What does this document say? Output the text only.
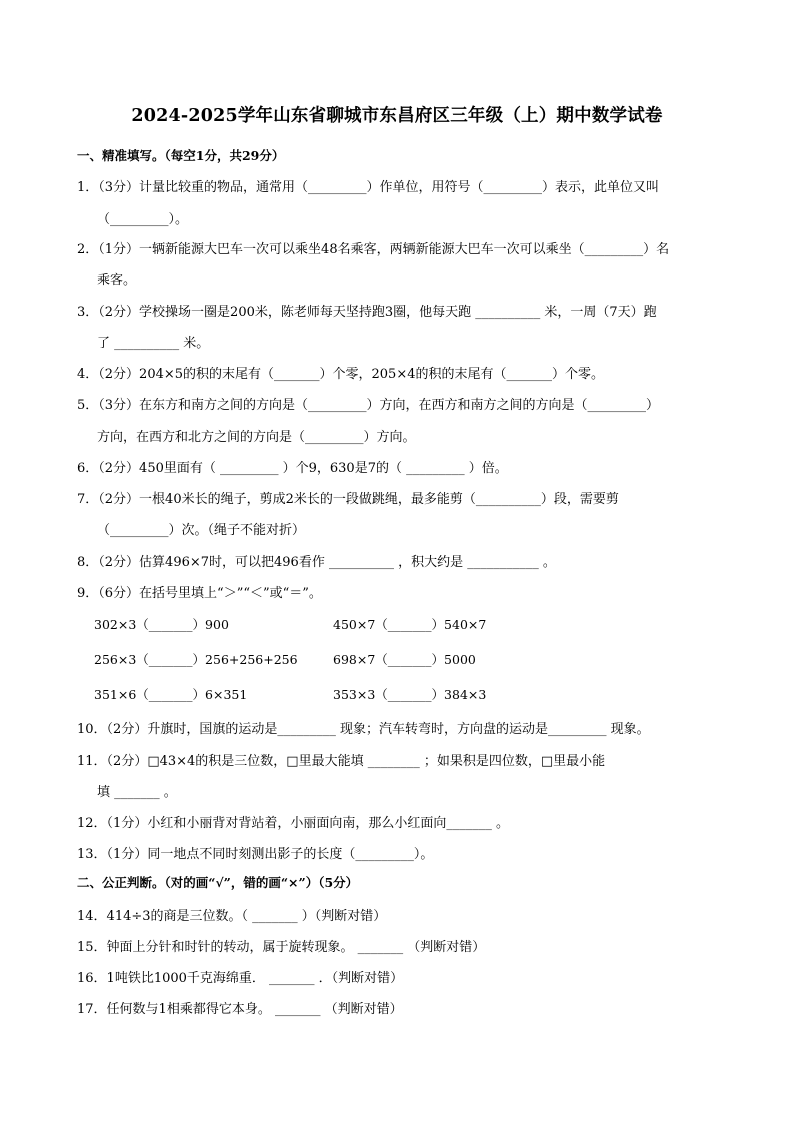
2024-2025学年山东省聊城市东昌府区三年级（上）期中数学试卷
一、精准填写。（每空1分，共29分）
1．（3分）计量比较重的物品，通常用（_________）作单位，用符号（_________）表示，此单位又叫
（_________）。
2．（1分）一辆新能源大巴车一次可以乘坐48名乘客，两辆新能源大巴车一次可以乘坐（_________）名
乘客。
3．（2分）学校操场一圈是200米，陈老师每天坚持跑3圈，他每天跑 __________ 米，一周（7天）跑
了 __________ 米。
4．（2分）204×5的积的末尾有（_______）个零，205×4的积的末尾有（_______）个零。
5．（3分）在东方和南方之间的方向是（_________）方向，在西方和南方之间的方向是（_________）
方向，在西方和北方之间的方向是（_________）方向。
6．（2分）450里面有（ _________ ）个9，630是7的（ _________ ）倍。
7．（2分）一根40米长的绳子，剪成2米长的一段做跳绳，最多能剪（__________）段，需要剪
（_________）次。（绳子不能对折）
8．（2分）估算496×7时，可以把496看作 __________ ，积大约是 ___________ 。
9．（6分）在括号里填上“＞”“＜”或“＝”。
302×3（_______）900	450×7（_______）540×7
256×3（_______）256+256+256	698×7（_______）5000
351×6（_______）6×351	353×3（_______）384×3
10．（2分）升旗时，国旗的运动是_________ 现象；汽车转弯时，方向盘的运动是_________ 现象。
11．（2分）□43×4的积是三位数，□里最大能填 ________ ；如果积是四位数，□里最小能
填 _______ 。
12．（1分）小红和小丽背对背站着，小丽面向南，那么小红面向_______ 。
13．（1分）同一地点不同时刻测出影子的长度（_________）。
二、公正判断。（对的画“√”，错的画“×”）（5分）
14．414÷3的商是三位数。（ _______ ）（判断对错）
15．钟面上分针和时针的转动，属于旋转现象。 _______ （判断对错）
16．1吨铁比1000千克海绵重． _______ ．（判断对错）
17．任何数与1相乘都得它本身。 _______ （判断对错）
